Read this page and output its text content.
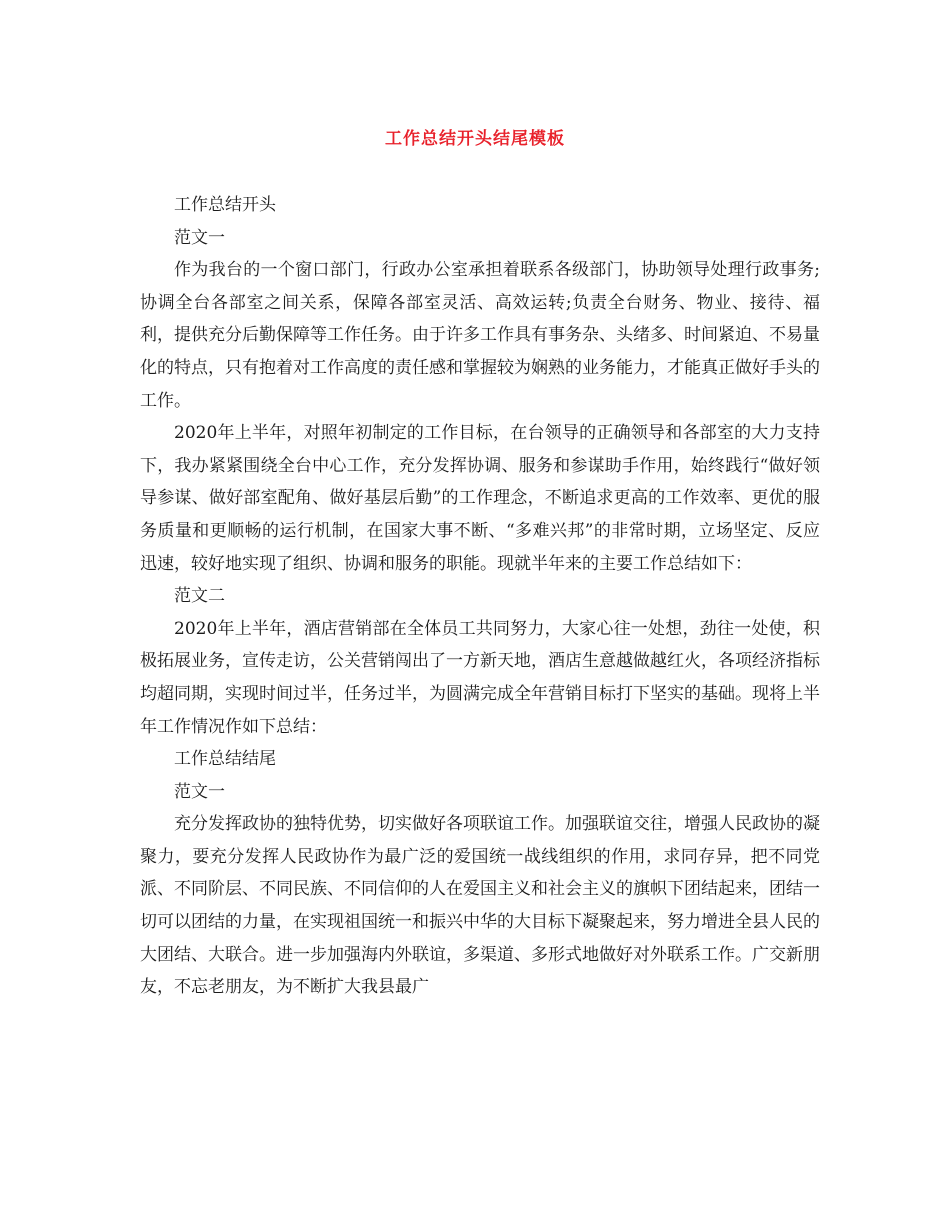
工作总结开头结尾模板

工作总结开头

范文一

作为我台的一个窗口部门，行政办公室承担着联系各级部门，协助领导处理行政事务;协调全台各部室之间关系，保障各部室灵活、高效运转;负责全台财务、物业、接待、福利，提供充分后勤保障等工作任务。由于许多工作具有事务杂、头绪多、时间紧迫、不易量化的特点，只有抱着对工作高度的责任感和掌握较为娴熟的业务能力，才能真正做好手头的工作。

2020年上半年，对照年初制定的工作目标，在台领导的正确领导和各部室的大力支持下，我办紧紧围绕全台中心工作，充分发挥协调、服务和参谋助手作用，始终践行“做好领导参谋、做好部室配角、做好基层后勤”的工作理念，不断追求更高的工作效率、更优的服务质量和更顺畅的运行机制，在国家大事不断、“多难兴邦”的非常时期，立场坚定、反应迅速，较好地实现了组织、协调和服务的职能。现就半年来的主要工作总结如下：

范文二

2020年上半年，酒店营销部在全体员工共同努力，大家心往一处想，劲往一处使，积极拓展业务，宣传走访，公关营销闯出了一方新天地，酒店生意越做越红火，各项经济指标均超同期，实现时间过半，任务过半，为圆满完成全年营销目标打下坚实的基础。现将上半年工作情况作如下总结：

工作总结结尾

范文一

充分发挥政协的独特优势，切实做好各项联谊工作。加强联谊交往，增强人民政协的凝聚力，要充分发挥人民政协作为最广泛的爱国统一战线组织的作用，求同存异，把不同党派、不同阶层、不同民族、不同信仰的人在爱国主义和社会主义的旗帜下团结起来，团结一切可以团结的力量，在实现祖国统一和振兴中华的大目标下凝聚起来，努力增进全县人民的大团结、大联合。进一步加强海内外联谊，多渠道、多形式地做好对外联系工作。广交新朋友，不忘老朋友，为不断扩大我县最广
